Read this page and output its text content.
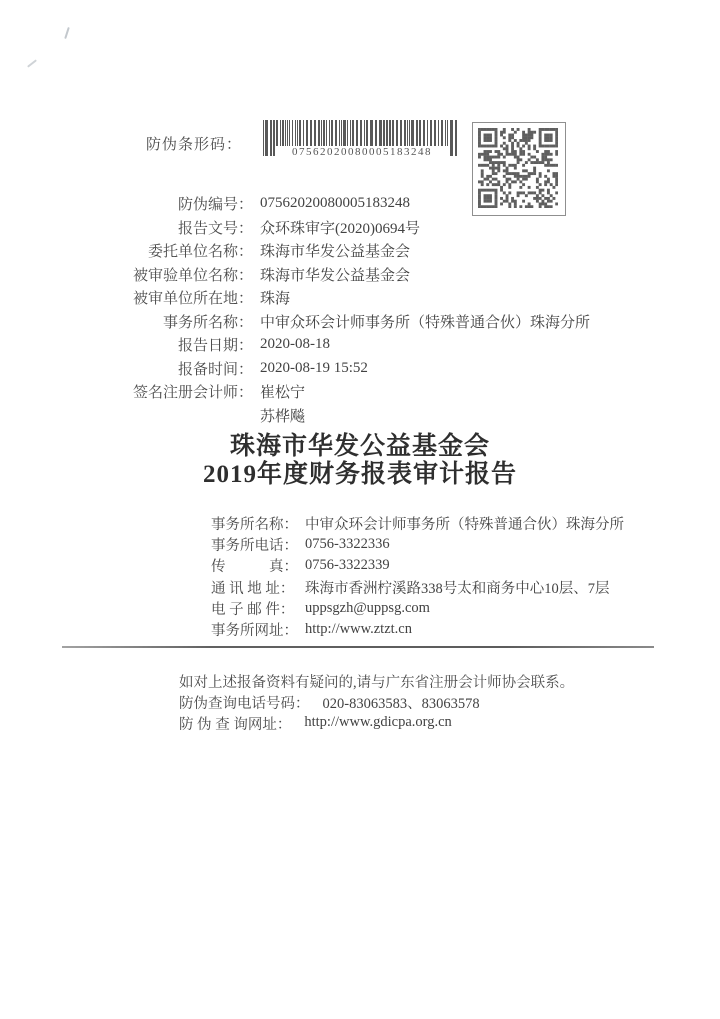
防伪条形码：	07562020080005183248
防伪编号： 07562020080005183248
报告文号： 众环珠审字(2020)0694号
委托单位名称： 珠海市华发公益基金会
被审验单位名称： 珠海市华发公益基金会
被审单位所在地： 珠海
事务所名称： 中审众环会计师事务所（特殊普通合伙）珠海分所
报告日期： 2020-08-18
报备时间： 2020-08-19 15:52
签名注册会计师： 崔松宁
苏桦飚
珠海市华发公益基金会
2019年度财务报表审计报告
事务所名称： 中审众环会计师事务所（特殊普通合伙）珠海分所
事务所电话： 0756-3322336
传　　　真： 0756-3322339
通 讯 地 址： 珠海市香洲柠溪路338号太和商务中心10层、7层
电 子 邮 件： uppsgzh@uppsg.com
事务所网址： http://www.ztzt.cn
如对上述报备资料有疑问的,请与广东省注册会计师协会联系。
防伪查询电话号码： 020-83063583、83063578
防 伪 查 询网址： http://www.gdicpa.org.cn
